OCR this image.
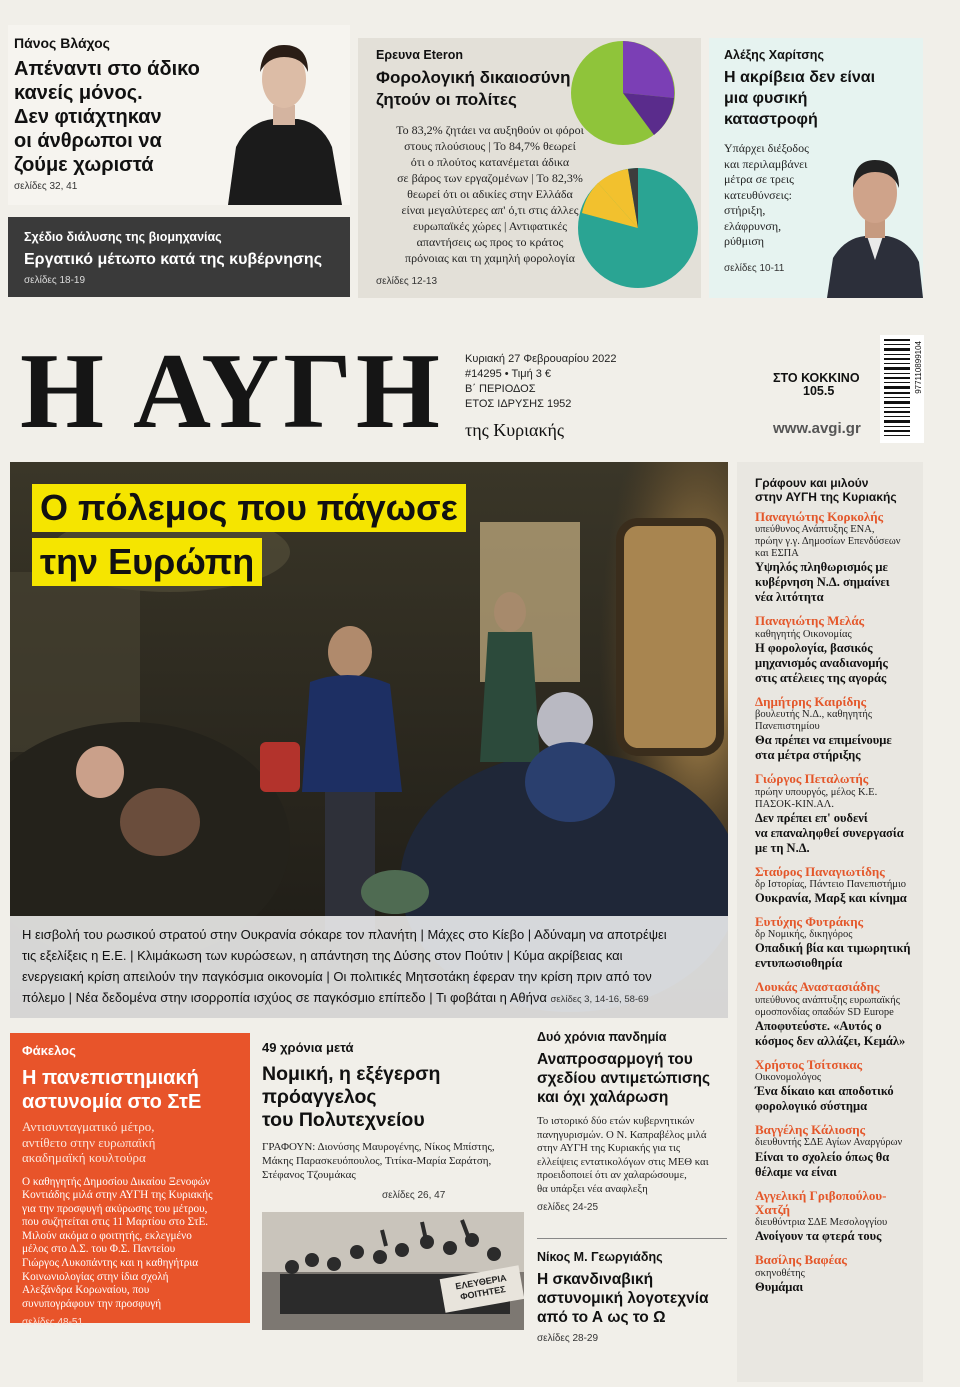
Πάνος Βλάχος
Απέναντι στο άδικο
κανείς μόνος.
Δεν φτιάχτηκαν
οι άνθρωποι να
ζούμε χωριστά
σελίδες 32, 41
Σχέδιο διάλυσης της βιομηχανίας
Εργατικό μέτωπο κατά της κυβέρνησης
σελίδες 18-19
Ερευνα Eteron
Φορολογική δικαιοσύνη
ζητούν οι πολίτες
Το 83,2% ζητάει να αυξηθούν οι φόροι
στους πλούσιους | Το 84,7% θεωρεί
ότι ο πλούτος κατανέμεται άδικα
σε βάρος των εργαζομένων | Το 82,3%
θεωρεί ότι οι αδικίες στην Ελλάδα
είναι μεγαλύτερες απ' ό,τι στις άλλες
ευρωπαϊκές χώρες | Αντιφατικές
απαντήσεις ως προς το κράτος
πρόνοιας και τη χαμηλή φορολογία
σελίδες 12-13
Αλέξης Χαρίτσης
Η ακρίβεια δεν είναι
μια φυσική
καταστροφή
Υπάρχει διέξοδος
και περιλαμβάνει
μέτρα σε τρεις
κατευθύνσεις:
στήριξη,
ελάφρυνση,
ρύθμιση
σελίδες 10-11
Η ΑΥΓΗ της Κυριακής
Κυριακή 27 Φεβρουαρίου 2022
#14295 • Τιμή 3 €
Β΄ ΠΕΡΙΟΔΟΣ
ΕΤΟΣ ΙΔΡΥΣΗΣ 1952
ΣΤΟ ΚΟΚΚΙΝΟ
105.5
www.avgi.gr
977110899104
Ο πόλεμος που πάγωσε
την Ευρώπη
Η εισβολή του ρωσικού στρατού στην Ουκρανία σόκαρε τον πλανήτη | Μάχες στο Κίεβο | Αδύναμη να αποτρέψει
τις εξελίξεις η Ε.Ε. | Κλιμάκωση των κυρώσεων, η απάντηση της Δύσης στον Πούτιν | Κύμα ακρίβειας και
ενεργειακή κρίση απειλούν την παγκόσμια οικονομία | Οι πολιτικές Μητσοτάκη έφεραν την κρίση πριν από τον
πόλεμο | Νέα δεδομένα στην ισορροπία ισχύος σε παγκόσμιο επίπεδο | Τι φοβάται η Αθήνα σελίδες 3, 14-16, 58-69
Γράφουν και μιλούν
στην ΑΥΓΗ της Κυριακής
Παναγιώτης Κορκολής
υπεύθυνος Ανάπτυξης ΕΝΑ,
πρώην γ.γ. Δημοσίων Επενδύσεων
και ΕΣΠΑ
Υψηλός πληθωρισμός με
κυβέρνηση Ν.Δ. σημαίνει
νέα λιτότητα
Παναγιώτης Μελάς
καθηγητής Οικονομίας
Η φορολογία, βασικός
μηχανισμός αναδιανομής
στις ατέλειες της αγοράς
Δημήτρης Καιρίδης
βουλευτής Ν.Δ., καθηγητής
Πανεπιστημίου
Θα πρέπει να επιμείνουμε
στα μέτρα στήριξης
Γιώργος Πεταλωτής
πρώην υπουργός, μέλος Κ.Ε.
ΠΑΣΟΚ-ΚΙΝ.ΑΛ.
Δεν πρέπει επ' ουδενί
να επαναληφθεί συνεργασία
με τη Ν.Δ.
Σταύρος Παναγιωτίδης
δρ Ιστορίας, Πάντειο Πανεπιστήμιο
Ουκρανία, Μαρξ και κίνημα
Ευτύχης Φυτράκης
δρ Νομικής, δικηγόρος
Οπαδική βία και τιμωρητική
εντυπωσιοθηρία
Λουκάς Αναστασιάδης
υπεύθυνος ανάπτυξης ευρωπαϊκής
ομοσπονδίας οπαδών SD Europe
Αποφυτεύστε. «Αυτός ο
κόσμος δεν αλλάζει, Κεμάλ»
Χρήστος Τσίτσικας
Οικονομολόγος
Ένα δίκαιο και αποδοτικό
φορολογικό σύστημα
Βαγγέλης Κάλιοσης
διευθυντής ΣΔΕ Αγίων Αναργύρων
Είναι το σχολείο όπως θα
θέλαμε να είναι
Αγγελική Γριβοπούλου-Χατζή
διευθύντρια ΣΔΕ Μεσολογγίου
Ανοίγουν τα φτερά τους
Βασίλης Βαφέας
σκηνοθέτης
Θυμάμαι
Φάκελος
Η πανεπιστημιακή
αστυνομία στο ΣτΕ
Αντισυνταγματικό μέτρο,
αντίθετο στην ευρωπαϊκή
ακαδημαϊκή κουλτούρα
Ο καθηγητής Δημοσίου Δικαίου Ξενοφών
Κοντιάδης μιλά στην ΑΥΓΗ της Κυριακής
για την προσφυγή ακύρωσης του μέτρου,
που συζητείται στις 11 Μαρτίου στο ΣτΕ.
Μιλούν ακόμα ο φοιτητής, εκλεγμένο
μέλος στο Δ.Σ. του Φ.Σ. Παντείου
Γιώργος Λυκοπάντης και η καθηγήτρια
Κοινωνιολογίας στην ίδια σχολή
Αλεξάνδρα Κορωναίου, που
συνυπογράφουν την προσφυγή
σελίδες 48-51
49 χρόνια μετά
Νομική, η εξέγερση
πρόαγγελος
του Πολυτεχνείου
ΓΡΑΦΟΥΝ: Διονύσης Μαυρογένης, Νίκος Μπίστης,
Μάκης Παρασκευόπουλος, Τιτίκα-Μαρία Σαράτση,
Στέφανος Τζουμάκας
σελίδες 26, 47
ΕΛΕΥΘΕΡΙΑ ΦΟΙΤΗΤΕΣ
Δυό χρόνια πανδημία
Αναπροσαρμογή του
σχεδίου αντιμετώπισης
και όχι χαλάρωση
Το ιστορικό δύο ετών κυβερνητικών
πανηγυρισμών. Ο Ν. Καπραβέλος μιλά
στην ΑΥΓΗ της Κυριακής για τις
ελλείψεις εντατικολόγων στις ΜΕΘ και
προειδοποιεί ότι αν χαλαρώσουμε,
θα υπάρξει νέα αναφλεξη
σελίδες 24-25
Νίκος Μ. Γεωργιάδης
Η σκανδιναβική
αστυνομική λογοτεχνία
από το Α ως το Ω
σελίδες 28-29
